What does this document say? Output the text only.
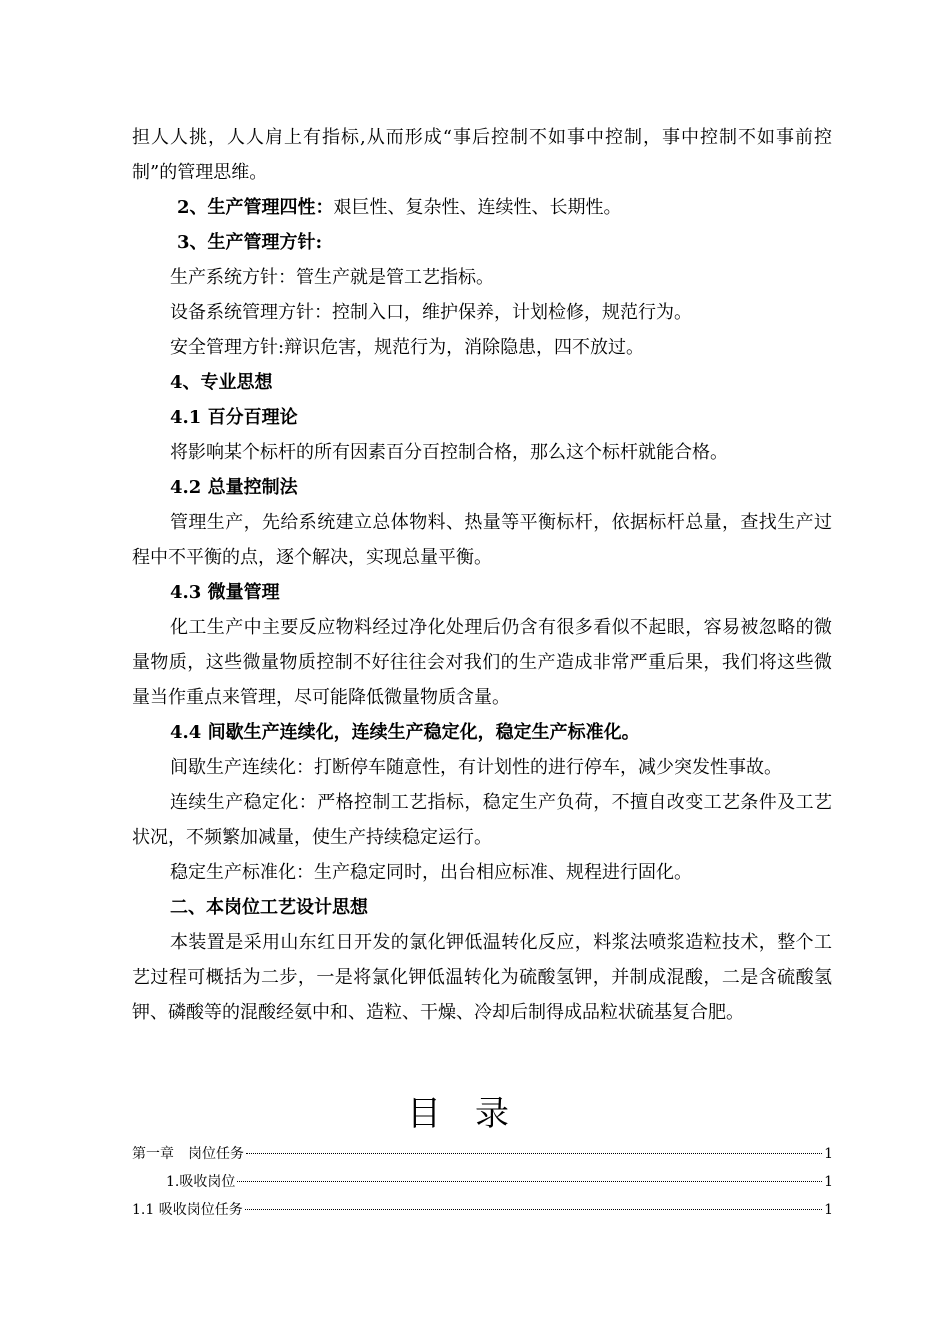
担人人挑，人人肩上有指标,从而形成“事后控制不如事中控制，事中控制不如事前控制”的管理思维。

2、生产管理四性：艰巨性、复杂性、连续性、长期性。

3、生产管理方针:

生产系统方针：管生产就是管工艺指标。

设备系统管理方针：控制入口，维护保养，计划检修，规范行为。

安全管理方针:辩识危害，规范行为，消除隐患，四不放过。

4、专业思想

4.1 百分百理论

将影响某个标杆的所有因素百分百控制合格，那么这个标杆就能合格。

4.2 总量控制法

管理生产，先给系统建立总体物料、热量等平衡标杆，依据标杆总量，查找生产过程中不平衡的点，逐个解决，实现总量平衡。

4.3 微量管理

化工生产中主要反应物料经过净化处理后仍含有很多看似不起眼，容易被忽略的微量物质，这些微量物质控制不好往往会对我们的生产造成非常严重后果，我们将这些微量当作重点来管理，尽可能降低微量物质含量。

4.4 间歇生产连续化，连续生产稳定化，稳定生产标准化。

间歇生产连续化：打断停车随意性，有计划性的进行停车，减少突发性事故。

连续生产稳定化：严格控制工艺指标，稳定生产负荷，不擅自改变工艺条件及工艺状况，不频繁加减量，使生产持续稳定运行。

稳定生产标准化：生产稳定同时，出台相应标准、规程进行固化。

二、本岗位工艺设计思想

本装置是采用山东红日开发的氯化钾低温转化反应，料浆法喷浆造粒技术，整个工艺过程可概括为二步，一是将氯化钾低温转化为硫酸氢钾，并制成混酸，二是含硫酸氢钾、磷酸等的混酸经氨中和、造粒、干燥、冷却后制得成品粒状硫基复合肥。

目录
第一章　岗位任务	1
1.吸收岗位	1
1.1 吸收岗位任务	1
